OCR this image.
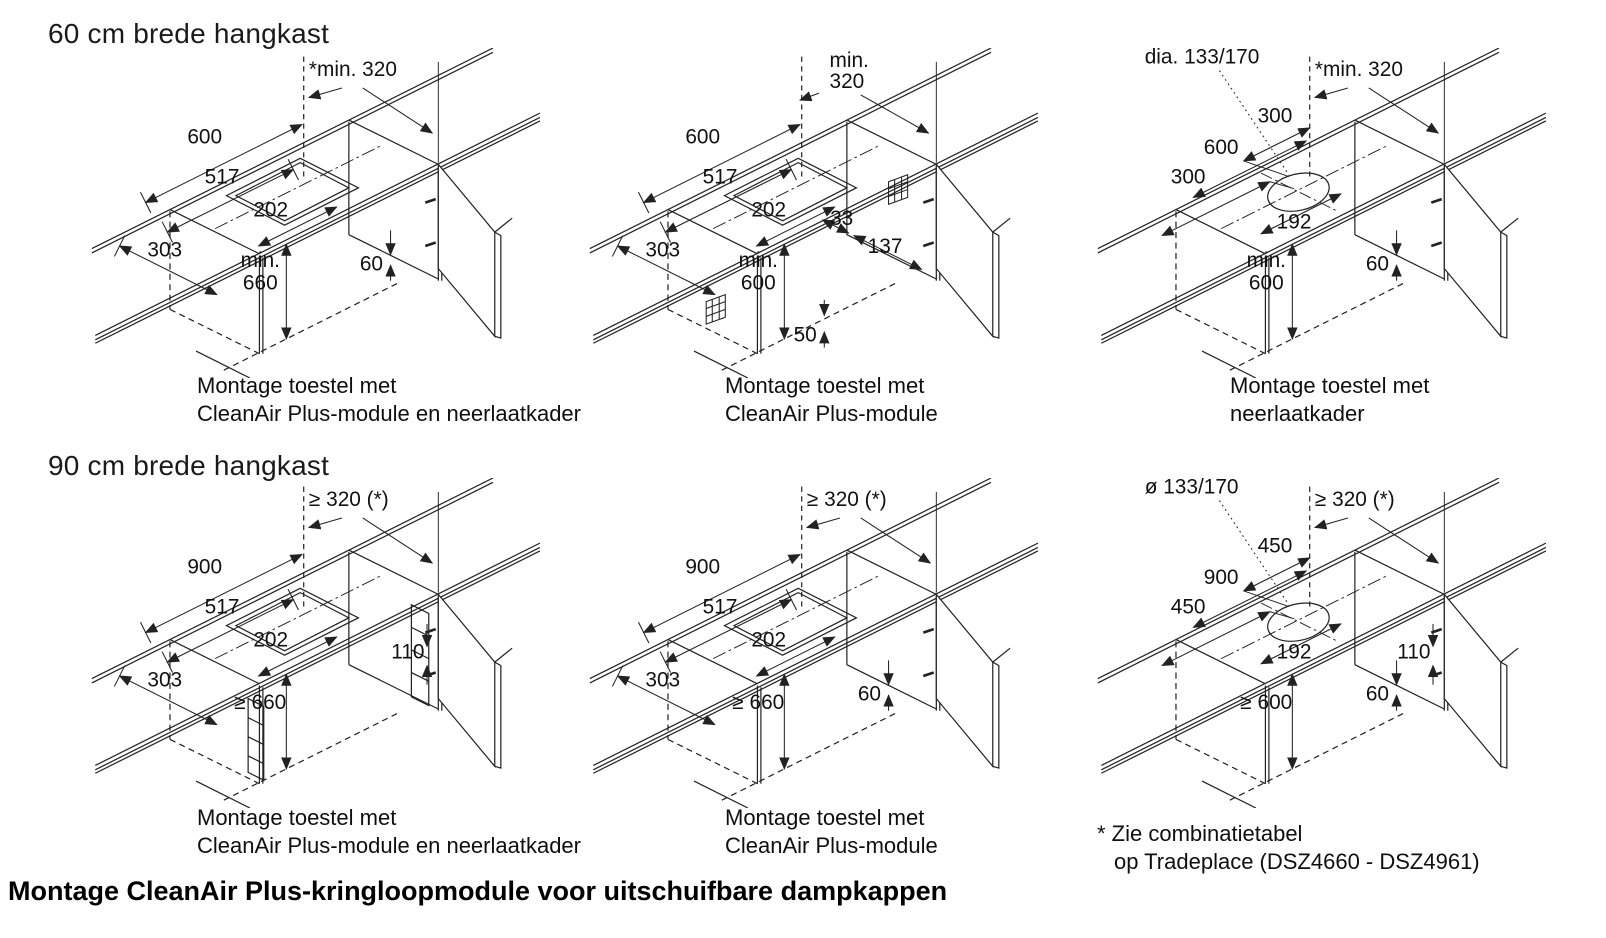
60 cm brede hangkast
90 cm brede hangkast
600
517
*min. 320
202
303 min.
660
60
600
517
min.
320
202
303
33
137
min.
600
50
dia. 133/170
300
600
300
*min. 320
192
min.
600
60
≥ 320 (*)
900
517
202
303
≥ 660
110
≥ 320 (*)
900
517
202
303
≥ 660	60
ø 133/170
450
900
450
≥ 320 (*)
192
≥ 600	60
110
Montage toestel met
CleanAir Plus-module en neerlaatkader
Montage toestel met
CleanAir Plus-module
Montage toestel met
neerlaatkader
Montage toestel met
CleanAir Plus-module en neerlaatkader
Montage toestel met
CleanAir Plus-module	* Zie combinatietabel
op Tradeplace (DSZ4660 - DSZ4961)
Montage CleanAir Plus-kringloopmodule voor uitschuifbare dampkappen
